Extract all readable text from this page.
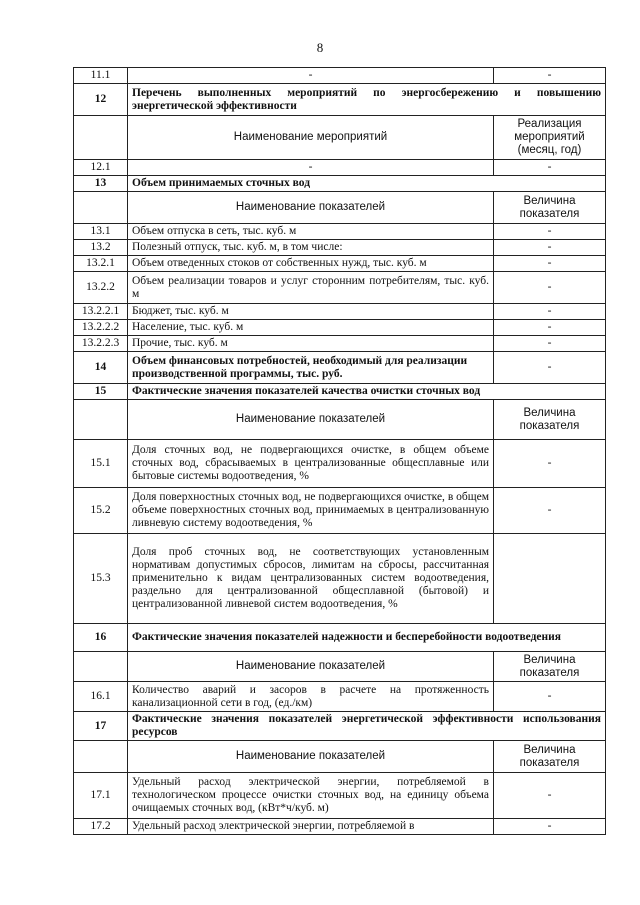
8
11.1	-	-
12	Перечень выполненных мероприятий по энергосбережению и повышению энергетической эффективности	
	Наименование мероприятий	Реализация мероприятий (месяц, год)
12.1	-	-
13	Объем принимаемых сточных вод	
	Наименование показателей	Величина показателя
13.1	Объем отпуска в сеть, тыс. куб. м	-
13.2	Полезный отпуск, тыс. куб. м, в том числе:	-
13.2.1	Объем отведенных стоков от собственных нужд, тыс. куб. м	-
13.2.2	Объем реализации товаров и услуг сторонним потребителям, тыс. куб. м	-
13.2.2.1	Бюджет, тыс. куб. м	-
13.2.2.2	Население, тыс. куб. м	-
13.2.2.3	Прочие, тыс. куб. м	-
14	Объем финансовых потребностей, необходимый для реализации производственной программы, тыс. руб.	-
15	Фактические значения показателей качества очистки сточных вод	
	Наименование показателей	Величина показателя
15.1	Доля сточных вод, не подвергающихся очистке, в общем объеме сточных вод, сбрасываемых в централизованные общесплавные или бытовые системы водоотведения, %	-
15.2	Доля поверхностных сточных вод, не подвергающихся очистке, в общем объеме поверхностных сточных вод, принимаемых в централизованную ливневую систему водоотведения, %	-
15.3	Доля проб сточных вод, не соответствующих установленным нормативам допустимых сбросов, лимитам на сбросы, рассчитанная применительно к видам централизованных систем водоотведения, раздельно для централизованной общесплавной (бытовой) и централизованной ливневой систем водоотведения, %	
16	Фактические значения показателей надежности и бесперебойности водоотведения	
	Наименование показателей	Величина показателя
16.1	Количество аварий и засоров в расчете на протяженность канализационной сети в год, (ед./км)	-
17	Фактические значения показателей энергетической эффективности использования ресурсов	
	Наименование показателей	Величина показателя
17.1	Удельный расход электрической энергии, потребляемой в технологическом процессе очистки сточных вод, на единицу объема очищаемых сточных вод, (кВт*ч/куб. м)	-
17.2	Удельный расход электрической энергии, потребляемой в	-
